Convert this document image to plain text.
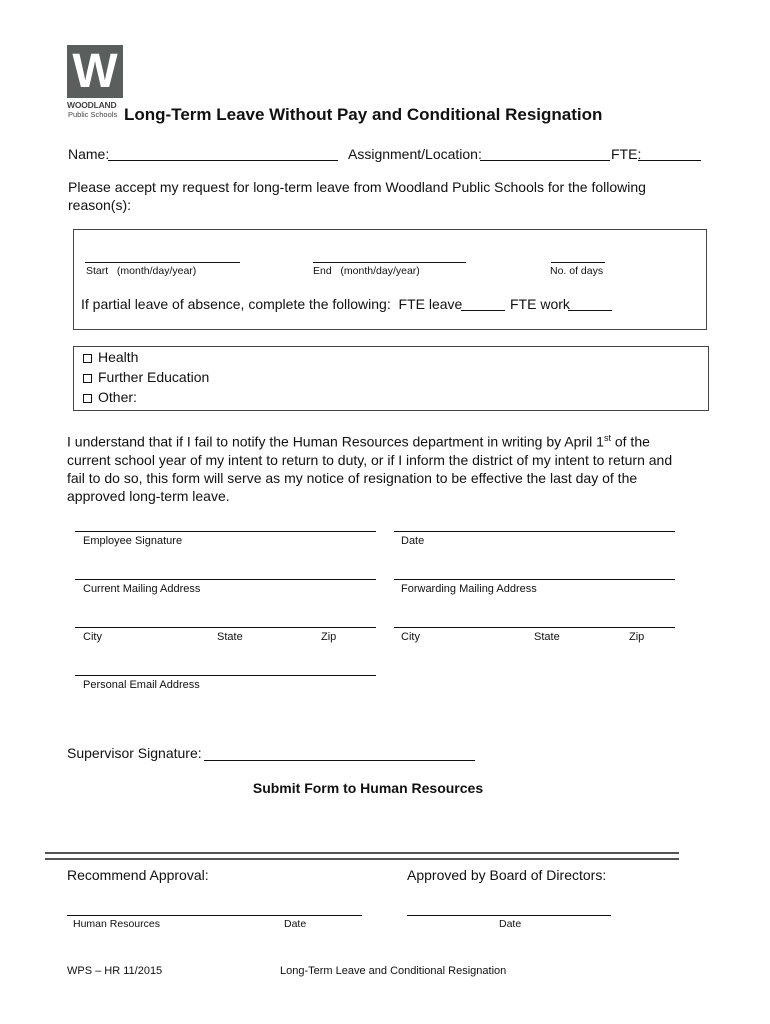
W
WOODLAND
Public Schools Long-Term Leave Without Pay and Conditional Resignation
Name:	Assignment/Location:	FTE:
Please accept my request for long-term leave from Woodland Public Schools for the following
reason(s):
Start   (month/day/year)	End   (month/day/year)	No. of days
If partial leave of absence, complete the following:  FTE leave	FTE work
Health
Further Education
Other:
I understand that if I fail to notify the Human Resources department in writing by April 1st of the current school year of my intent to return to duty, or if I inform the district of my intent to return and fail to do so, this form will serve as my notice of resignation to be effective the last day of the approved long-term leave.
Employee Signature	Date
Current Mailing Address	Forwarding Mailing Address
City	State	Zip	City	State	Zip
Personal Email Address
Supervisor Signature:
Submit Form to Human Resources
Recommend Approval:	Approved by Board of Directors:
Human Resources	Date	Date
WPS – HR 11/2015	Long-Term Leave and Conditional Resignation
